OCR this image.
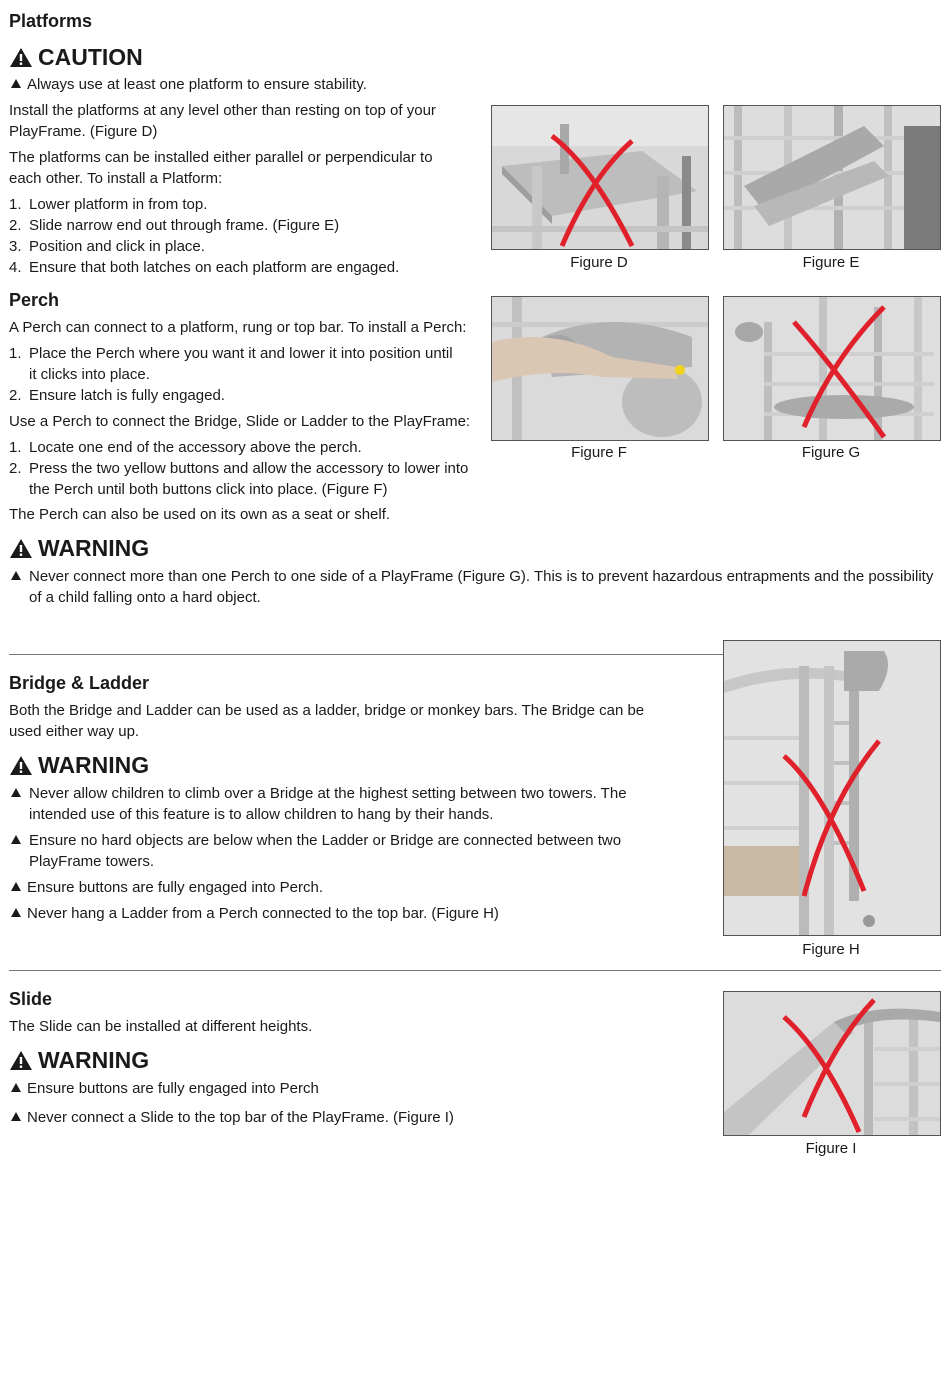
Platforms
CAUTION
Always use at least one platform to ensure stability.
Install the platforms at any level other than resting on top of your PlayFrame. (Figure D)
The platforms can be installed either parallel or perpendicular to each other. To install a Platform:
1. Lower platform in from top.
2. Slide narrow end out through frame. (Figure E)
3. Position and click in place.
4. Ensure that both latches on each platform are engaged.
Perch
A Perch can connect to a platform, rung or top bar. To install a Perch:
1. Place the Perch where you want it and lower it into position until it clicks into place.
2. Ensure latch is fully engaged.
Use a Perch to connect the Bridge, Slide or Ladder to the PlayFrame:
1. Locate one end of the accessory above the perch.
2. Press the two yellow buttons and allow the accessory to lower into the Perch until both buttons click into place. (Figure F)
The Perch can also be used on its own as a seat or shelf.
WARNING
Never connect more than one Perch to one side of a PlayFrame (Figure G). This is to prevent hazardous entrapments and the possibility of a child falling onto a hard object.
Bridge & Ladder
Both the Bridge and Ladder can be used as a ladder, bridge or monkey bars. The Bridge can be used either way up.
WARNING
Never allow children to climb over a Bridge at the highest setting between two towers. The intended use of this feature is to allow children to hang by their hands.
Ensure no hard objects are below when the Ladder or Bridge are connected between two PlayFrame towers.
Ensure buttons are fully engaged into Perch.
Never hang a Ladder from a Perch connected to the top bar. (Figure H)
Slide
The Slide can be installed at different heights.
WARNING
Ensure buttons are fully engaged into Perch
Never connect a Slide to the top bar of the PlayFrame. (Figure I)
Figure D	Figure E
Figure F	Figure G
Figure H
Figure I
